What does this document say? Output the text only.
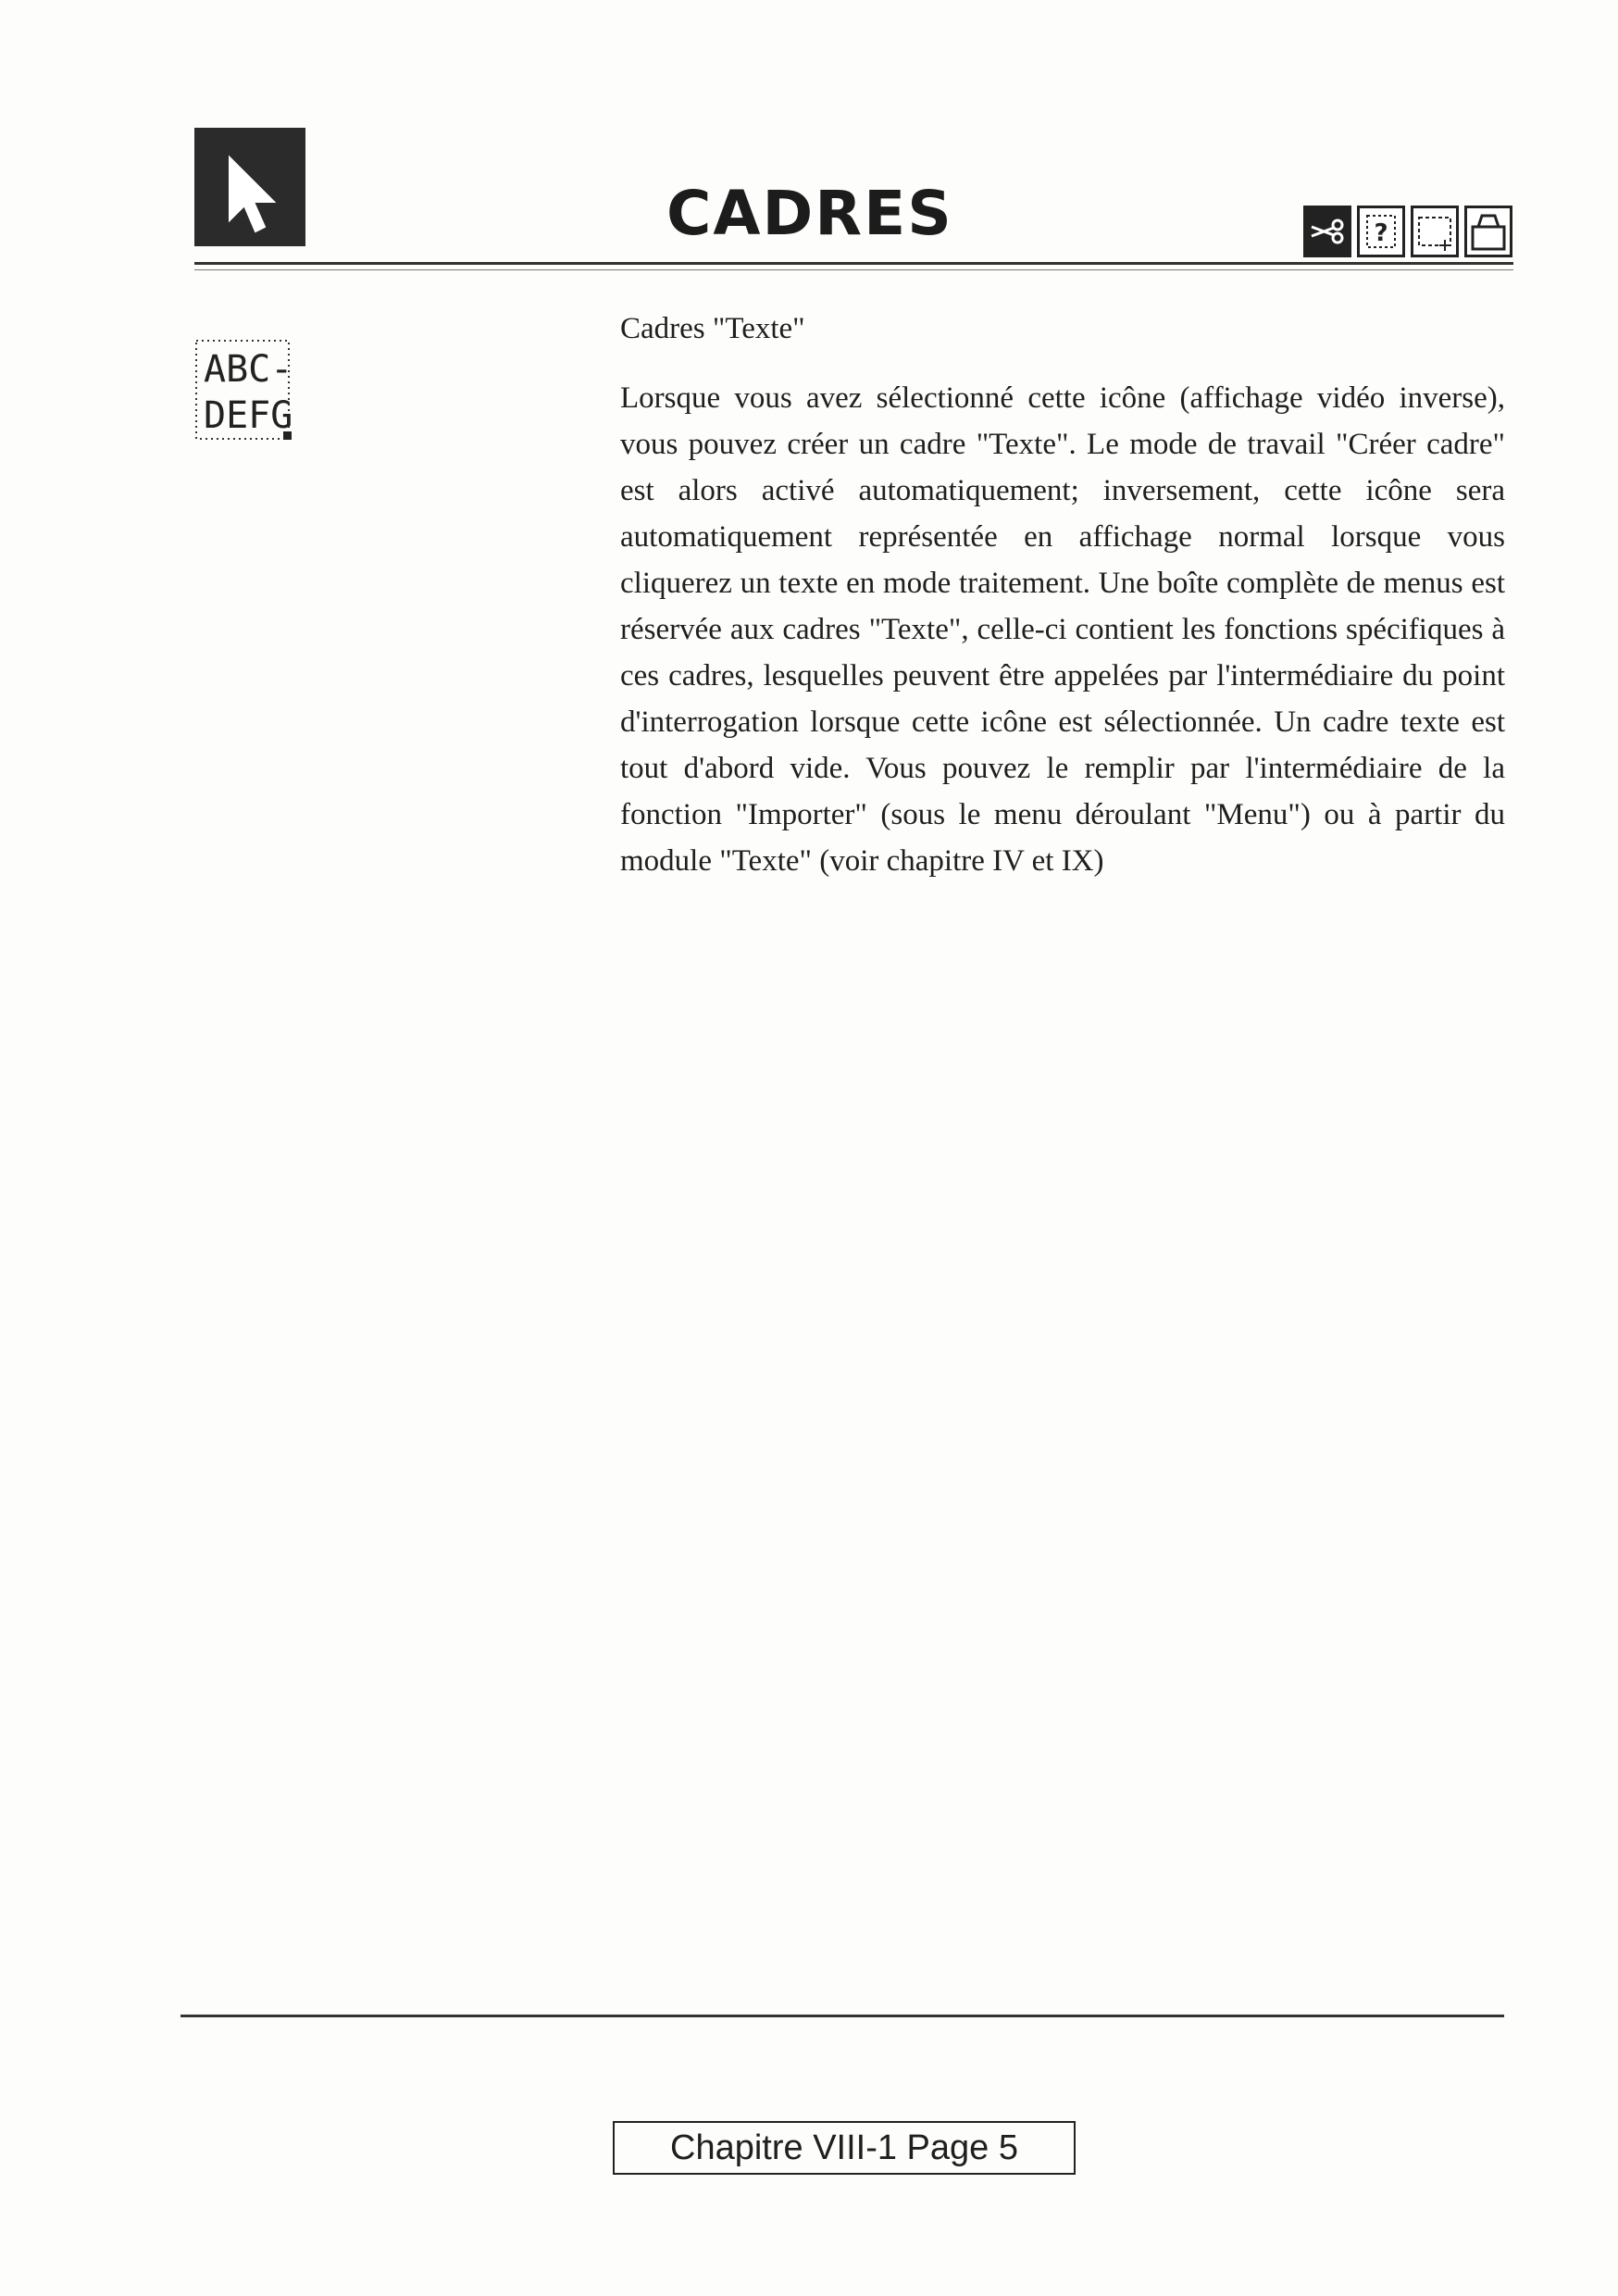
CADRES	?
ABC-
DEFG
Cadres "Texte"

Lorsque vous avez sélectionné cette icône (affichage vidéo inverse), vous pouvez créer un cadre "Texte". Le mode de travail "Créer cadre" est alors activé automatiquement; inversement, cette icône sera automatiquement représentée en affichage normal lorsque vous cliquerez un texte en mode traitement. Une boîte complète de menus est réservée aux cadres "Texte", celle-ci contient les fonctions spécifiques à ces cadres, lesquelles peuvent être appelées par l'intermédiaire du point d'interrogation lorsque cette icône est sélectionnée. Un cadre texte est tout d'abord vide. Vous pouvez le remplir par l'intermédiaire de la fonction "Importer" (sous le menu déroulant "Menu") ou à partir du module "Texte" (voir chapitre IV et IX)

Chapitre VIII-1 Page 5
